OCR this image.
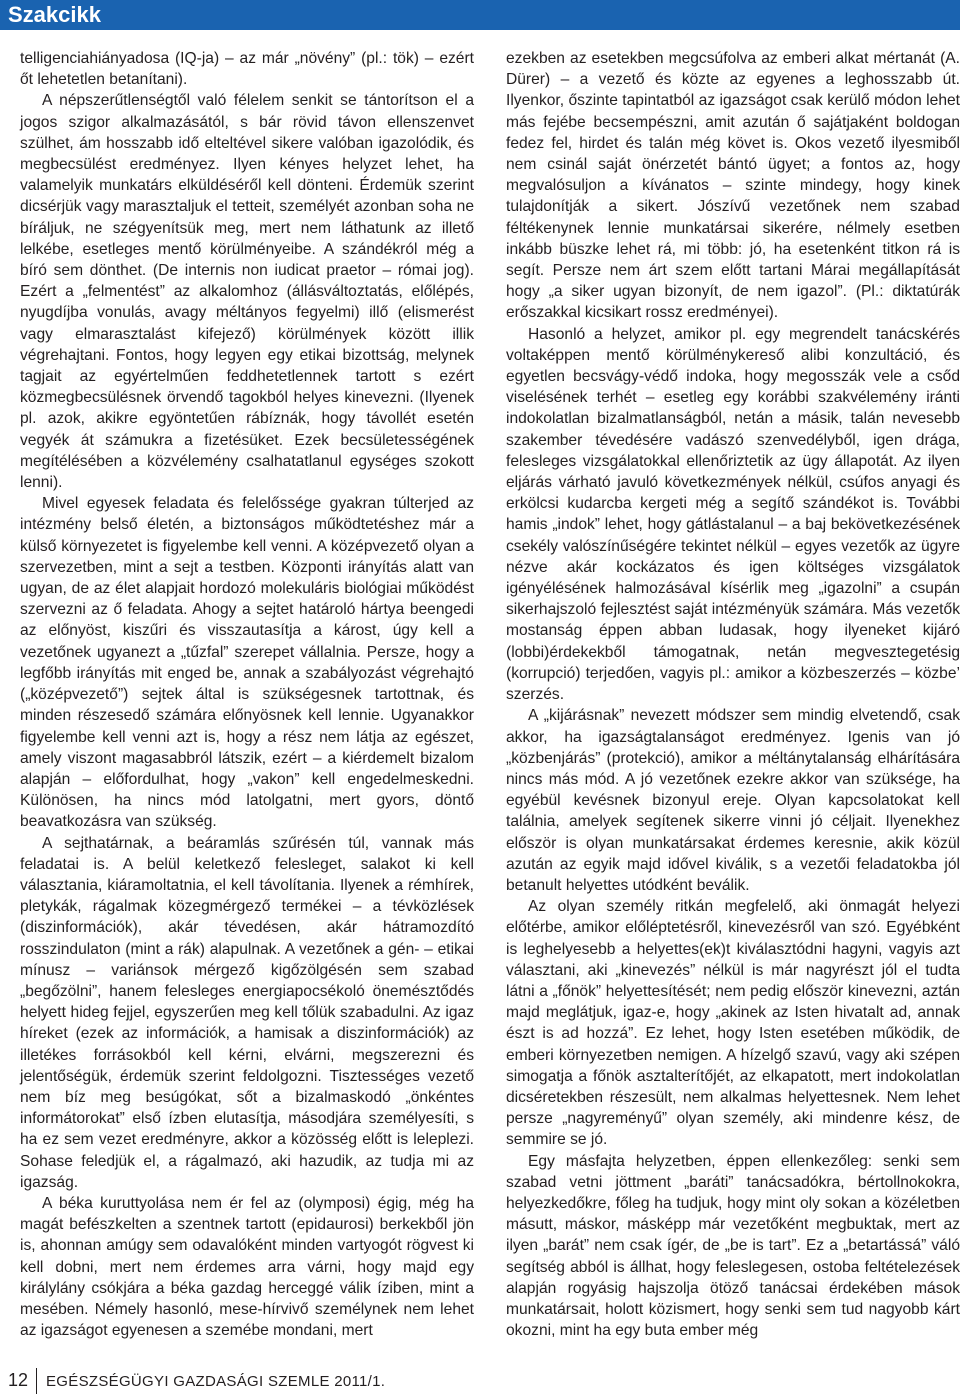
Szakcikk

telligenciahiányadosa (IQ-ja) – az már „növény” (pl.: tök) – ezért őt lehetetlen betanítani).

A népszerűtlenségtől való félelem senkit se tántorítson el a jogos szigor alkalmazásától, s bár rövid távon ellenszenvet szülhet, ám hosszabb idő elteltével sikere valóban igazolódik, és megbecsülést eredményez. Ilyen kényes helyzet lehet, ha valamelyik munkatárs elküldéséről kell dönteni. Érdemük szerint dicsérjük vagy marasztaljuk el tetteit, személyét azonban soha ne bíráljuk, ne szégyenítsük meg, mert nem láthatunk az illető lelkébe, esetleges mentő körülményeibe. A szándékról még a bíró sem dönthet. (De internis non iudicat praetor – római jog). Ezért a „felmentést” az alkalomhoz (állásváltoztatás, előlépés, nyugdíjba vonulás, avagy méltányos fegyelmi) illő (elismerést vagy elmarasztalást kifejező) körülmények között illik végrehajtani. Fontos, hogy legyen egy etikai bizottság, melynek tagjait az egyértelműen feddhetetlennek tartott s ezért közmegbecsülésnek örvendő tagokból helyes kinevezni. (Ilyenek pl. azok, akikre egyöntetűen rábíznák, hogy távollét esetén vegyék át számukra a fizetésüket. Ezek becsületességének megítélésében a közvélemény csalhatatlanul egységes szokott lenni).

Mivel egyesek feladata és felelőssége gyakran túlterjed az intézmény belső életén, a biztonságos működtetéshez már a külső környezetet is figyelembe kell venni. A középvezető olyan a szervezetben, mint a sejt a testben. Központi irányítás alatt van ugyan, de az élet alapjait hordozó molekuláris biológiai működést szervezni az ő feladata. Ahogy a sejtet határoló hártya beengedi az előnyöst, kiszűri és visszautasítja a károst, úgy kell a vezetőnek ugyanezt a „tűzfal” szerepet vállalnia. Persze, hogy a legfőbb irányítás mit enged be, annak a szabályozást végrehajtó („középvezető”) sejtek által is szükségesnek tartottnak, és minden részesedő számára előnyösnek kell lennie. Ugyanakkor figyelembe kell venni azt is, hogy a rész nem látja az egészet, amely viszont magasabbról látszik, ezért – a kiérdemelt bizalom alapján – előfordulhat, hogy „vakon” kell engedelmeskedni. Különösen, ha nincs mód latolgatni, mert gyors, döntő beavatkozásra van szükség.

A sejthatárnak, a beáramlás szűrésén túl, vannak más feladatai is. A belül keletkező felesleget, salakot ki kell választania, kiáramoltatnia, el kell távolítania. Ilyenek a rémhírek, pletykák, rágalmak közegmérgező termékei – a tévközlések (diszinformációk), akár tévedésen, akár hátramozdító rosszindulaton (mint a rák) alapulnak. A vezetőnek a gén- – etikai mínusz – variánsok mérgező kigőzölgésén sem szabad „begőzölni”, hanem felesleges energiapocsékoló önemésztődés helyett hideg fejjel, egyszerűen meg kell tőlük szabadulni. Az igaz híreket (ezek az információk, a hamisak a diszinformációk) az illetékes forrásokból kell kérni, elvárni, megszerezni és jelentőségük, érdemük szerint feldolgozni. Tisztességes vezető nem bíz meg besúgókat, sőt a bizalmaskodó „önkéntes informátorokat” első ízben elutasítja, másodjára személyesíti, s ha ez sem vezet eredményre, akkor a közösség előtt is leleplezi. Sohase feledjük el, a rágalmazó, aki hazudik, az tudja mi az igazság.

A béka kuruttyolása nem ér fel az (olymposi) égig, még ha magát befészkelten a szentnek tartott (epidaurosi) berkekből jön is, ahonnan amúgy sem odavalóként minden vartyogót rögvest ki kell dobni, mert nem érdemes arra várni, hogy majd egy királylány csókjára a béka gazdag herceggé válik íziben, mint a mesében. Némely hasonló, mese-hírvivő személynek nem lehet az igazságot egyenesen a szemébe mondani, mert

ezekben az esetekben megcsúfolva az emberi alkat mértanát (A. Dürer) – a vezető és közte az egyenes a leghosszabb út. Ilyenkor, őszinte tapintatból az igazságot csak kerülő módon lehet más fejébe becsempészni, amit azután ő sajátjaként boldogan fedez fel, hirdet és talán még követ is. Okos vezető ilyesmiből nem csinál saját önérzetét bántó ügyet; a fontos az, hogy megvalósuljon a kívánatos – szinte mindegy, hogy kinek tulajdonítják a sikert. Jószívű vezetőnek nem szabad féltékenynek lennie munkatársai sikerére, nélmely esetben inkább büszke lehet rá, mi több: jó, ha esetenként titkon rá is segít. Persze nem árt szem előtt tartani Márai megállapítását hogy „a siker ugyan bizonyít, de nem igazol”. (Pl.: diktatúrák erőszakkal kicsikart rossz eredményei).

Hasonló a helyzet, amikor pl. egy megrendelt tanácskérés voltaképpen mentő körülménykereső alibi konzultáció, és egyetlen becsvágy-védő indoka, hogy megosszák vele a csőd viselésének terhét – esetleg egy korábbi szakvélemény iránti indokolatlan bizalmatlanságból, netán a másik, talán nevesebb szakember tévedésére vadászó szenvedélyből, igen drága, felesleges vizsgálatokkal ellenőriztetik az ügy állapotát. Az ilyen eljárás várható javuló következmények nélkül, csúfos anyagi és erkölcsi kudarcba kergeti még a segítő szándékot is. További hamis „indok” lehet, hogy gátlástalanul – a baj bekövetkezésének csekély valószínűségére tekintet nélkül – egyes vezetők az ügyre nézve akár kockázatos és igen költséges vizsgálatok igényélésének halmozásával kísérlik meg „igazolni” a csupán sikerhajszoló fejlesztést saját intézményük számára. Más vezetők mostanság éppen abban ludasak, hogy ilyeneket kijáró (lobbi)érdekekből támogatnak, netán megvesztegetésig (korrupció) terjedően, vagyis pl.: amikor a közbeszerzés – közbe’ szerzés.

A „kijárásnak” nevezett módszer sem mindig elvetendő, csak akkor, ha igazságtalanságot eredményez. Igenis van jó „közbenjárás” (protekció), amikor a méltánytalanság elhárítására nincs más mód. A jó vezetőnek ezekre akkor van szüksége, ha egyébül kevésnek bizonyul ereje. Olyan kapcsolatokat kell találnia, amelyek segítenek sikerre vinni jó céljait. Ilyenekhez először is olyan munkatársakat érdemes keresnie, akik közül azután az egyik majd idővel kiválik, s a vezetői feladatokba jól betanult helyettes utódként beválik.

Az olyan személy ritkán megfelelő, aki önmagát helyezi előtérbe, amikor előléptetésről, kinevezésről van szó. Egyébként is leghelyesebb a helyettes(ek)t kiválasztódni hagyni, vagyis azt választani, aki „kinevezés” nélkül is már nagyrészt jól el tudta látni a „főnök” helyettesítését; nem pedig először kinevezni, aztán majd meglátjuk, igaz-e, hogy „akinek az Isten hivatalt ad, annak észt is ad hozzá”. Ez lehet, hogy Isten esetében működik, de emberi környezetben nemigen. A hízelgő szavú, vagy aki szépen simogatja a főnök asztalterítőjét, az elkapatott, mert indokolatlan dicséretekben részesült, nem alkalmas helyettesnek. Nem lehet persze „nagyreményű” olyan személy, aki mindenre kész, de semmire se jó.

Egy másfajta helyzetben, éppen ellenkezőleg: senki sem szabad vetni jöttment „baráti” tanácsadókra, bértollnokokra, helyezkedőkre, főleg ha tudjuk, hogy mint oly sokan a közéletben másutt, máskor, másképp már vezetőként megbuktak, mert az ilyen „barát” nem csak ígér, de „be is tart”. Ez a „betartássá” váló segítség abból is állhat, hogy feleslegesen, ostoba feltételezések alapján rogyásig hajszolja ötöző tanácsai érdekében mások munkatársait, holott közismert, hogy senki sem tud nagyobb kárt okozni, mint ha egy buta ember még

12 EGÉSZSÉGÜGYI GAZDASÁGI SZEMLE 2011/1.
